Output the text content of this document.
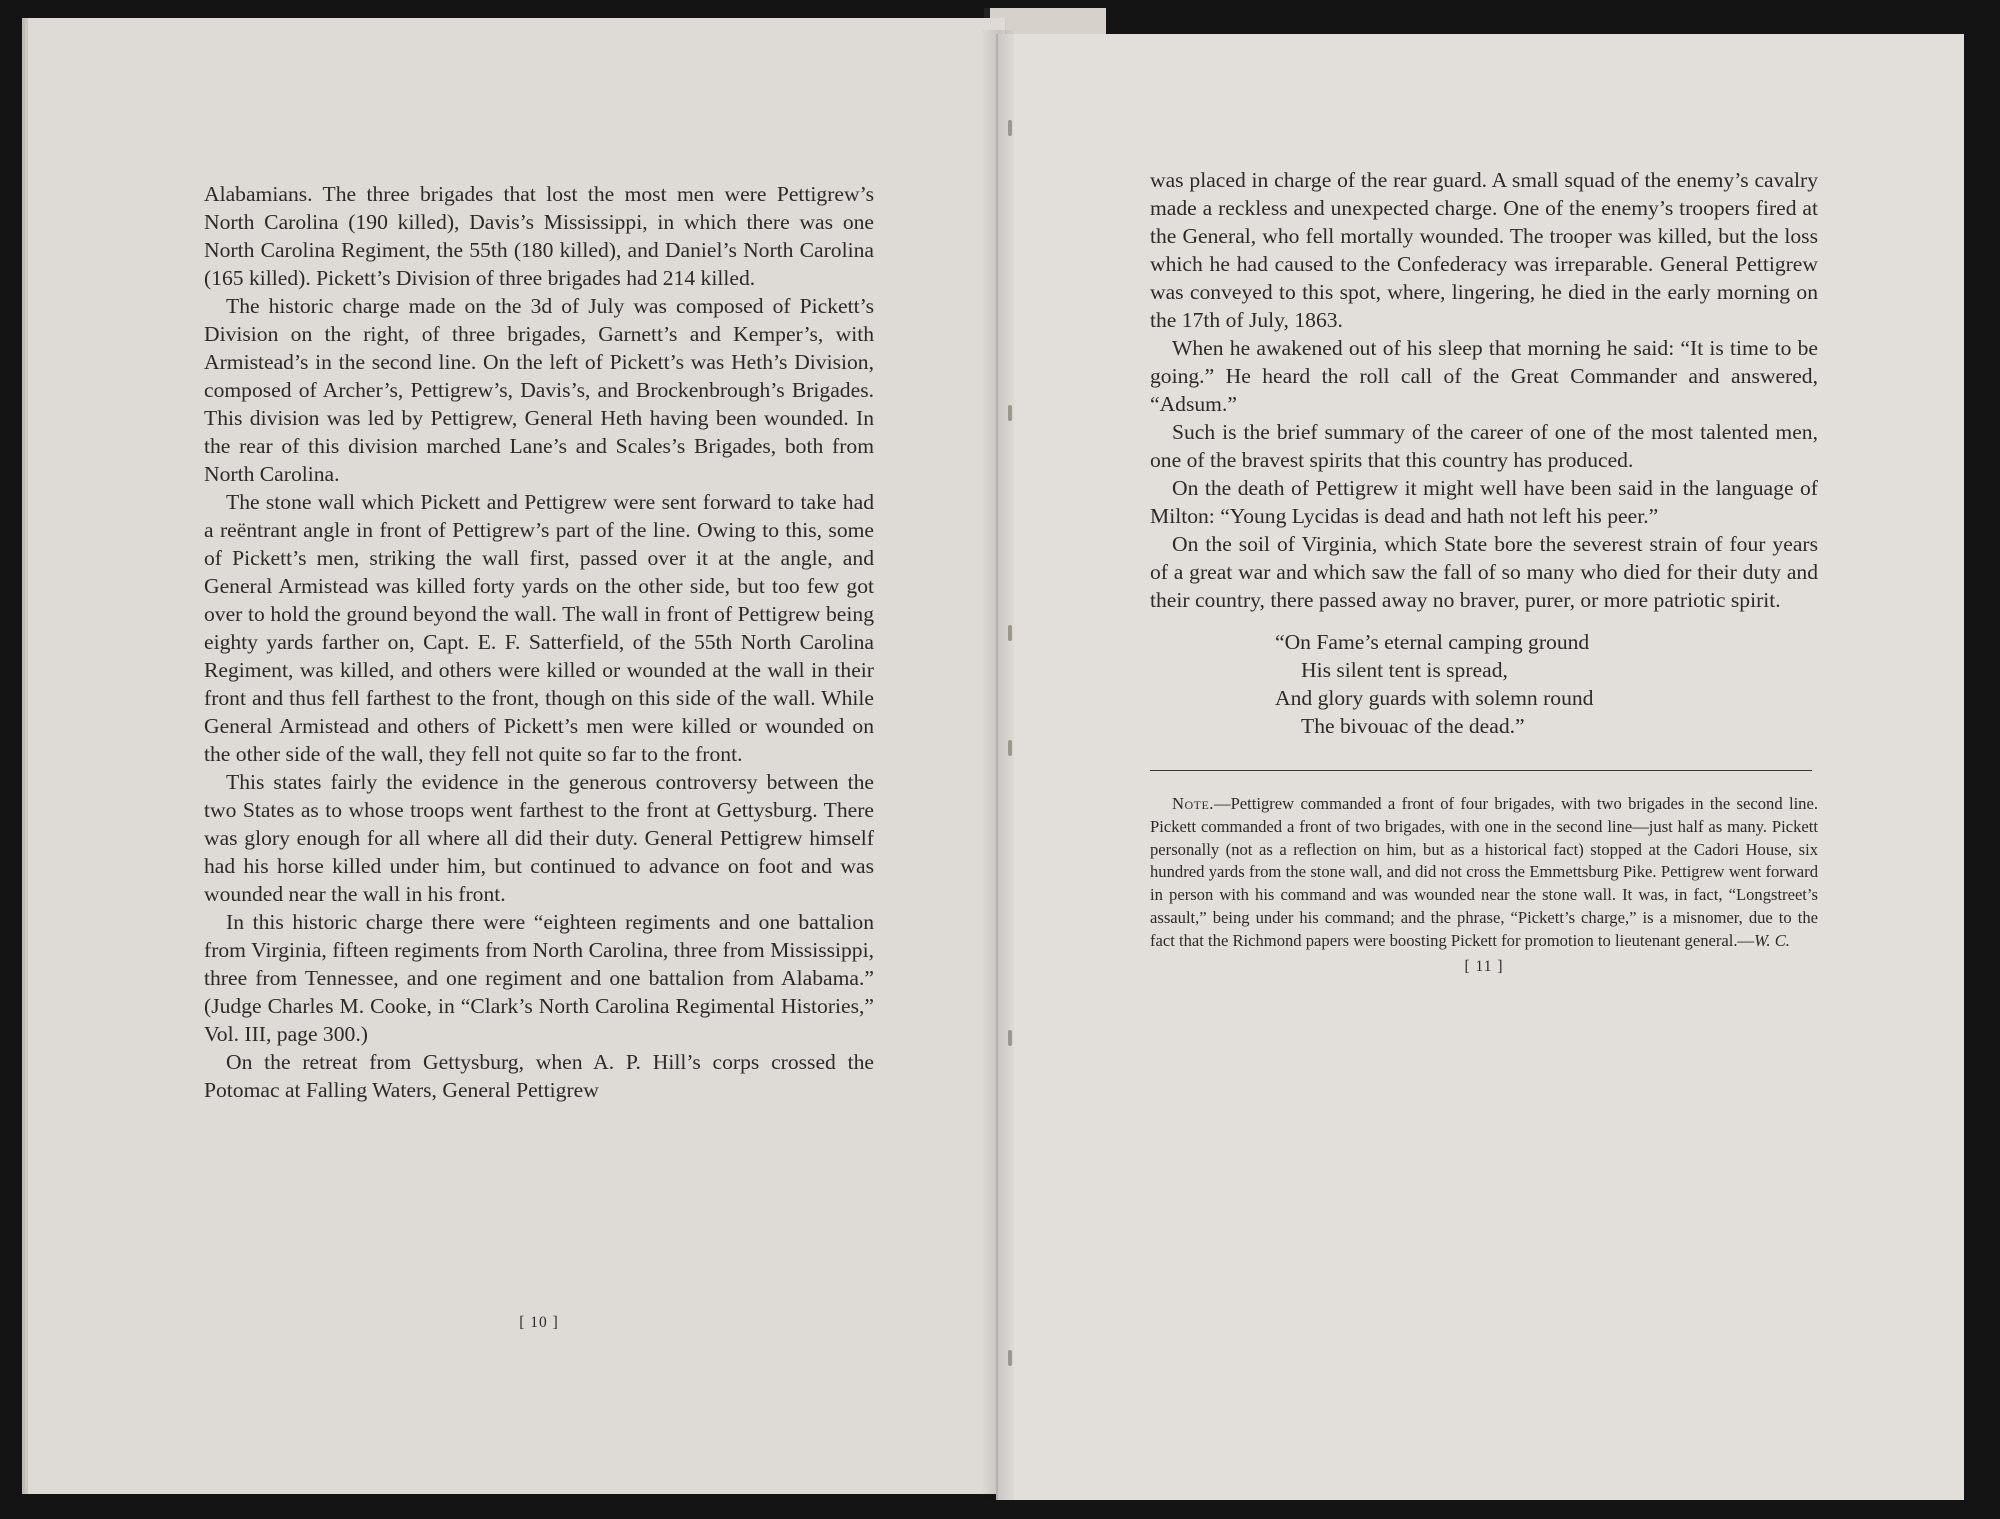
Alabamians. The three brigades that lost the most men were Pettigrew’s North Carolina (190 killed), Davis’s Mississippi, in which there was one North Carolina Regiment, the 55th (180 killed), and Daniel’s North Carolina (165 killed). Pickett’s Division of three brigades had 214 killed.

The historic charge made on the 3d of July was composed of Pickett’s Division on the right, of three brigades, Garnett’s and Kemper’s, with Armistead’s in the second line. On the left of Pickett’s was Heth’s Division, composed of Archer’s, Pettigrew’s, Davis’s, and Brockenbrough’s Brigades. This division was led by Pettigrew, General Heth having been wounded. In the rear of this division marched Lane’s and Scales’s Brigades, both from North Carolina.

The stone wall which Pickett and Pettigrew were sent forward to take had a reëntrant angle in front of Pettigrew’s part of the line. Owing to this, some of Pickett’s men, striking the wall first, passed over it at the angle, and General Armistead was killed forty yards on the other side, but too few got over to hold the ground beyond the wall. The wall in front of Pettigrew being eighty yards farther on, Capt. E. F. Satterfield, of the 55th North Carolina Regiment, was killed, and others were killed or wounded at the wall in their front and thus fell farthest to the front, though on this side of the wall. While General Armistead and others of Pickett’s men were killed or wounded on the other side of the wall, they fell not quite so far to the front.

This states fairly the evidence in the generous controversy between the two States as to whose troops went farthest to the front at Gettysburg. There was glory enough for all where all did their duty. General Pettigrew himself had his horse killed under him, but continued to advance on foot and was wounded near the wall in his front.

In this historic charge there were “eighteen regiments and one battalion from Virginia, fifteen regiments from North Carolina, three from Mississippi, three from Tennessee, and one regiment and one battalion from Alabama.” (Judge Charles M. Cooke, in “Clark’s North Carolina Regimental Histories,” Vol. III, page 300.)

On the retreat from Gettysburg, when A. P. Hill’s corps crossed the Potomac at Falling Waters, General Pettigrew

[ 10 ]

was placed in charge of the rear guard. A small squad of the enemy’s cavalry made a reckless and unexpected charge. One of the enemy’s troopers fired at the General, who fell mortally wounded. The trooper was killed, but the loss which he had caused to the Confederacy was irreparable. General Pettigrew was conveyed to this spot, where, lingering, he died in the early morning on the 17th of July, 1863.

When he awakened out of his sleep that morning he said: “It is time to be going.” He heard the roll call of the Great Commander and answered, “Adsum.”

Such is the brief summary of the career of one of the most talented men, one of the bravest spirits that this country has produced.

On the death of Pettigrew it might well have been said in the language of Milton: “Young Lycidas is dead and hath not left his peer.”

On the soil of Virginia, which State bore the severest strain of four years of a great war and which saw the fall of so many who died for their duty and their country, there passed away no braver, purer, or more patriotic spirit.

“On Fame’s eternal camping ground
His silent tent is spread,
And glory guards with solemn round
The bivouac of the dead.”

Note.—Pettigrew commanded a front of four brigades, with two brigades in the second line. Pickett commanded a front of two brigades, with one in the second line—just half as many. Pickett personally (not as a reflection on him, but as a historical fact) stopped at the Cadori House, six hundred yards from the stone wall, and did not cross the Emmettsburg Pike. Pettigrew went forward in person with his command and was wounded near the stone wall. It was, in fact, “Longstreet’s assault,” being under his command; and the phrase, “Pickett’s charge,” is a misnomer, due to the fact that the Richmond papers were boosting Pickett for promotion to lieutenant general.—W. C.

[ 11 ]
